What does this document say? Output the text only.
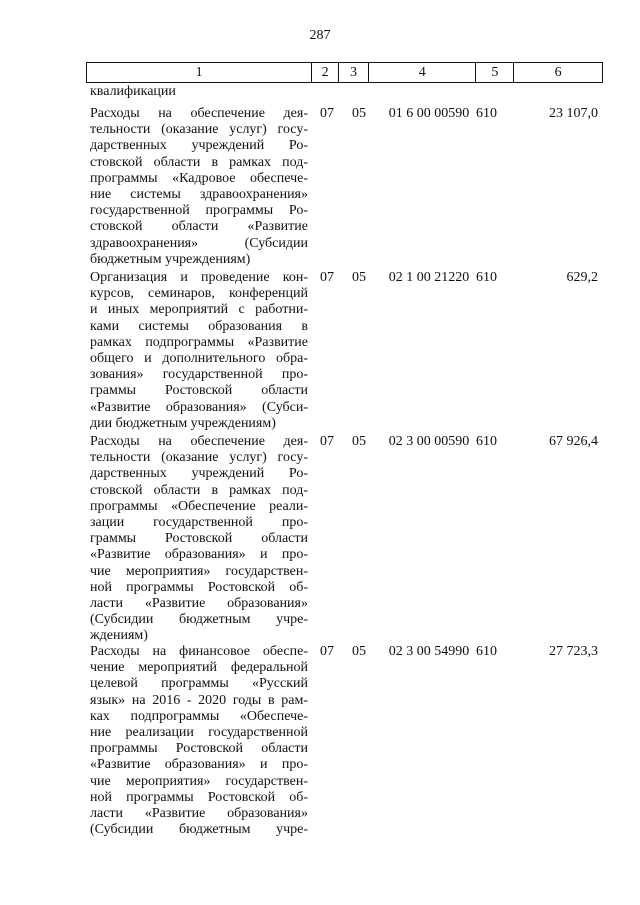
287
1	2	3	4	5	6
квалификации
Расходы на обеспечение дея-
тельности (оказание услуг) госу-
дарственных учреждений Ро-
стовской области в рамках под-
программы «Кадровое обеспече-
ние системы здравоохранения»
государственной программы Ро-
стовской области «Развитие
здравоохранения» (Субсидии
бюджетным учреждениям)
07 05	01 6 00 00590 610	23 107,0
Организация и проведение кон-
курсов, семинаров, конференций
и иных мероприятий с работни-
ками системы образования в
рамках подпрограммы «Развитие
общего и дополнительного обра-
зования» государственной про-
граммы Ростовской области
«Развитие образования» (Субси-
дии бюджетным учреждениям)
07 05	02 1 00 21220 610	629,2
Расходы на обеспечение дея-
тельности (оказание услуг) госу-
дарственных учреждений Ро-
стовской области в рамках под-
программы «Обеспечение реали-
зации государственной про-
граммы Ростовской области
«Развитие образования» и про-
чие мероприятия» государствен-
ной программы Ростовской об-
ласти «Развитие образования»
(Субсидии бюджетным учре-
ждениям)
07 05	02 3 00 00590 610	67 926,4
Расходы на финансовое обеспе-
чение мероприятий федеральной
целевой программы «Русский
язык» на 2016 - 2020 годы в рам-
ках подпрограммы «Обеспече-
ние реализации государственной
программы Ростовской области
«Развитие образования» и про-
чие мероприятия» государствен-
ной программы Ростовской об-
ласти «Развитие образования»
(Субсидии бюджетным учре-
07 05	02 3 00 54990 610	27 723,3
